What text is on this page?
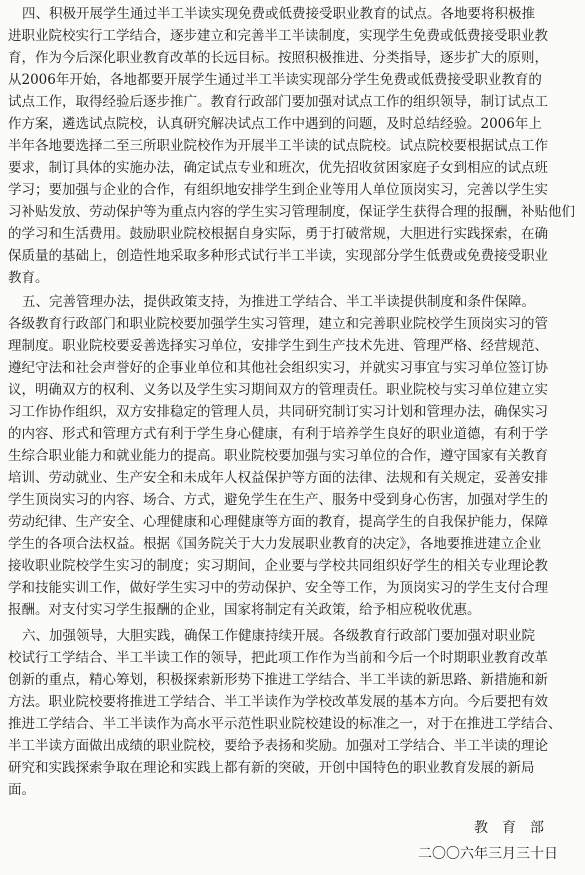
四、积极开展学生通过半工半读实现免费或低费接受职业教育的试点。各地要将积极推
进职业院校实行工学结合，逐步建立和完善半工半读制度，实现学生免费或低费接受职业教
育，作为今后深化职业教育改革的长远目标。按照积极推进、分类指导，逐步扩大的原则，
从2006年开始，各地都要开展学生通过半工半读实现部分学生免费或低费接受职业教育的
试点工作，取得经验后逐步推广。教育行政部门要加强对试点工作的组织领导，制订试点工
作方案，遴选试点院校，认真研究解决试点工作中遇到的问题，及时总结经验。2006年上
半年各地要选择二至三所职业院校作为开展半工半读的试点院校。试点院校要根据试点工作
要求，制订具体的实施办法，确定试点专业和班次，优先招收贫困家庭子女到相应的试点班
学习；要加强与企业的合作，有组织地安排学生到企业等用人单位顶岗实习，完善以学生实
习补贴发放、劳动保护等为重点内容的学生实习管理制度，保证学生获得合理的报酬，补贴他们
的学习和生活费用。鼓励职业院校根据自身实际，勇于打破常规，大胆进行实践探索，在确
保质量的基础上，创造性地采取多种形式试行半工半读，实现部分学生低费或免费接受职业
教育。
五、完善管理办法，提供政策支持，为推进工学结合、半工半读提供制度和条件保障。
各级教育行政部门和职业院校要加强学生实习管理，建立和完善职业院校学生顶岗实习的管
理制度。职业院校要妥善选择实习单位，安排学生到生产技术先进、管理严格、经营规范、
遵纪守法和社会声誉好的企事业单位和其他社会组织实习，并就实习事宜与实习单位签订协
议，明确双方的权利、义务以及学生实习期间双方的管理责任。职业院校与实习单位建立实
习工作协作组织，双方安排稳定的管理人员，共同研究制订实习计划和管理办法，确保实习
的内容、形式和管理方式有利于学生身心健康，有利于培养学生良好的职业道德，有利于学
生综合职业能力和就业能力的提高。职业院校要加强与实习单位的合作，遵守国家有关教育
培训、劳动就业、生产安全和未成年人权益保护等方面的法律、法规和有关规定，妥善安排
学生顶岗实习的内容、场合、方式，避免学生在生产、服务中受到身心伤害，加强对学生的
劳动纪律、生产安全、心理健康和心理健康等方面的教育，提高学生的自我保护能力，保障
学生的各项合法权益。根据《国务院关于大力发展职业教育的决定》，各地要推进建立企业
接收职业院校学生实习的制度；实习期间，企业要与学校共同组织好学生的相关专业理论教
学和技能实训工作，做好学生实习中的劳动保护、安全等工作，为顶岗实习的学生支付合理
报酬。对支付实习学生报酬的企业，国家将制定有关政策，给予相应税收优惠。
六、加强领导，大胆实践，确保工作健康持续开展。各级教育行政部门要加强对职业院
校试行工学结合、半工半读工作的领导，把此项工作作为当前和今后一个时期职业教育改革
创新的重点，精心筹划，积极探索新形势下推进工学结合、半工半读的新思路、新措施和新
方法。职业院校要将推进工学结合、半工半读作为学校改革发展的基本方向。今后要把有效
推进工学结合、半工半读作为高水平示范性职业院校建设的标准之一，对于在推进工学结合、
半工半读方面做出成绩的职业院校，要给予表扬和奖励。加强对工学结合、半工半读的理论
研究和实践探索争取在理论和实践上都有新的突破，开创中国特色的职业教育发展的新局
面。
教　育　部
二〇〇六年三月三十日
